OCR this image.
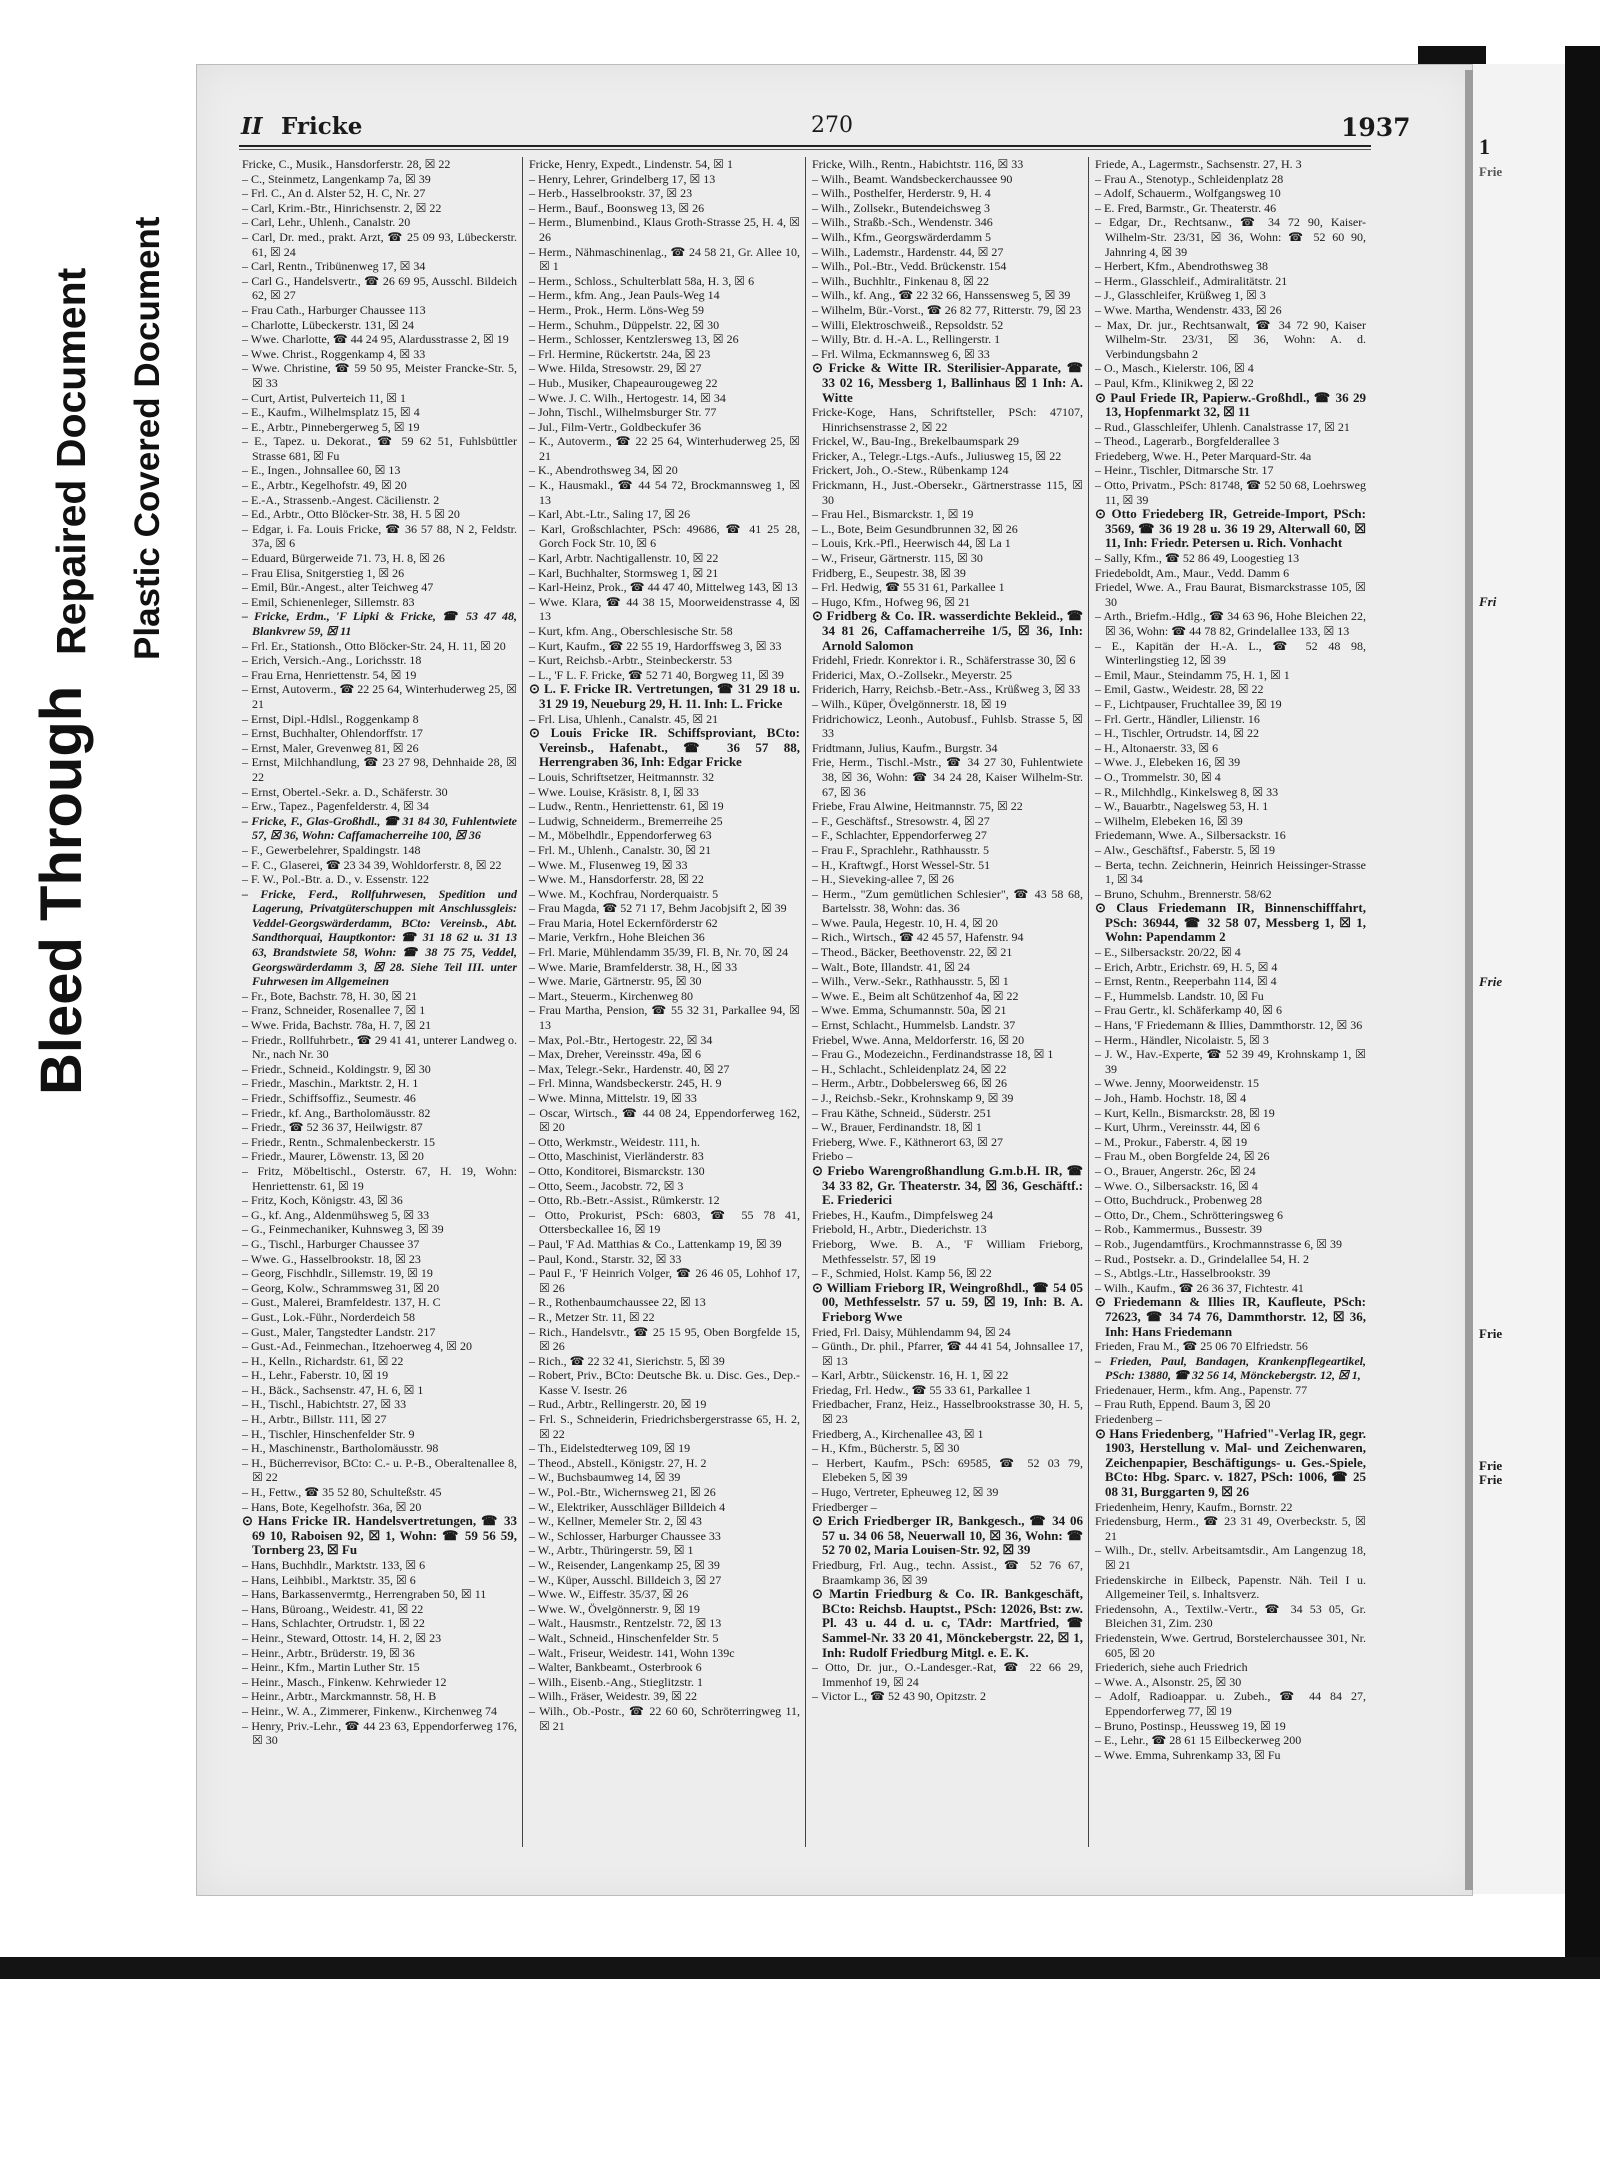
Repaired Document Plastic Covered Document
Bleed Through
II Fricke	270	1937

Fricke, C., Musik., Hansdorferstr. 28, ☒ 22

– C., Steinmetz, Langenkamp 7a, ☒ 39

– Frl. C., An d. Alster 52, H. C, Nr. 27

– Carl, Krim.-Btr., Hinrichsenstr. 2, ☒ 22

– Carl, Lehr., Uhlenh., Canalstr. 20

– Carl, Dr. med., prakt. Arzt, ☎ 25 09 93, Lübeckerstr. 61, ☒ 24

– Carl, Rentn., Tribünenweg 17, ☒ 34

– Carl G., Handelsvertr., ☎ 26 69 95, Ausschl. Bildeich 62, ☒ 27

– Frau Cath., Harburger Chaussee 113

– Charlotte, Lübeckerstr. 131, ☒ 24

– Wwe. Charlotte, ☎ 44 24 95, Alardusstrasse 2, ☒ 19

– Wwe. Christ., Roggenkamp 4, ☒ 33

– Wwe. Christine, ☎ 59 50 95, Meister Francke-Str. 5, ☒ 33

– Curt, Artist, Pulverteich 11, ☒ 1

– E., Kaufm., Wilhelmsplatz 15, ☒ 4

– E., Arbtr., Pinnebergerweg 5, ☒ 19

– E., Tapez. u. Dekorat., ☎ 59 62 51, Fuhlsbüttler Strasse 681, ☒ Fu

– E., Ingen., Johnsallee 60, ☒ 13

– E., Arbtr., Kegelhofstr. 49, ☒ 20

– E.-A., Strassenb.-Angest. Cäcilienstr. 2

– Ed., Arbtr., Otto Blöcker-Str. 38, H. 5 ☒ 20

– Edgar, i. Fa. Louis Fricke, ☎ 36 57 88, N 2, Feldstr. 37a, ☒ 6

– Eduard, Bürgerweide 71. 73, H. 8, ☒ 26

– Frau Elisa, Snitgerstieg 1, ☒ 26

– Emil, Bür.-Angest., alter Teichweg 47

– Emil, Schienenleger, Sillemstr. 83

– Fricke, Erdm., 'F Lipki & Fricke, ☎ 53 47 48, Blankvrew 59, ☒ 11

– Frl. Er., Stationsh., Otto Blöcker-Str. 24, H. 11, ☒ 20

– Erich, Versich.-Ang., Lorichsstr. 18

– Frau Erna, Henriettenstr. 54, ☒ 19

– Ernst, Autoverm., ☎ 22 25 64, Winterhuderweg 25, ☒ 21

– Ernst, Dipl.-Hdlsl., Roggenkamp 8

– Ernst, Buchhalter, Ohlendorffstr. 17

– Ernst, Maler, Grevenweg 81, ☒ 26

– Ernst, Milchhandlung, ☎ 23 27 98, Dehnhaide 28, ☒ 22

– Ernst, Obertel.-Sekr. a. D., Schäferstr. 30

– Erw., Tapez., Pagenfelderstr. 4, ☒ 34

– Fricke, F., Glas-Großhdl., ☎ 31 84 30, Fuhlentwiete 57, ☒ 36, Wohn: Caffamacherreihe 100, ☒ 36

– F., Gewerbelehrer, Spaldingstr. 148

– F. C., Glaserei, ☎ 23 34 39, Wohldorferstr. 8, ☒ 22

– F. W., Pol.-Btr. a. D., v. Essenstr. 122

– Fricke, Ferd., Rollfuhrwesen, Spedition und Lagerung, Privatgüterschuppen mit Anschlussgleis: Veddel-Georgswärderdamm, BCto: Vereinsb., Abt. Sandthorquai, Hauptkontor: ☎ 31 18 62 u. 31 13 63, Brandstwiete 58, Wohn: ☎ 38 75 75, Veddel, Georgswärderdamm 3, ☒ 28. Siehe Teil III. unter Fuhrwesen im Allgemeinen

– Fr., Bote, Bachstr. 78, H. 30, ☒ 21

– Franz, Schneider, Rosenallee 7, ☒ 1

– Wwe. Frida, Bachstr. 78a, H. 7, ☒ 21

– Friedr., Rollfuhrbetr., ☎ 29 41 41, unterer Landweg o. Nr., nach Nr. 30

– Friedr., Schneid., Koldingstr. 9, ☒ 30

– Friedr., Maschin., Marktstr. 2, H. 1

– Friedr., Schiffsoffiz., Seumestr. 46

– Friedr., kf. Ang., Bartholomäusstr. 82

– Friedr., ☎ 52 36 37, Heilwigstr. 87

– Friedr., Rentn., Schmalenbeckerstr. 15

– Friedr., Maurer, Löwenstr. 13, ☒ 20

– Fritz, Möbeltischl., Osterstr. 67, H. 19, Wohn: Henriettenstr. 61, ☒ 19

– Fritz, Koch, Königstr. 43, ☒ 36

– G., kf. Ang., Aldenmühsweg 5, ☒ 33

– G., Feinmechaniker, Kuhnsweg 3, ☒ 39

– G., Tischl., Harburger Chaussee 37

– Wwe. G., Hasselbrookstr. 18, ☒ 23

– Georg, Fischhdlr., Sillemstr. 19, ☒ 19

– Georg, Kolw., Schrammsweg 31, ☒ 20

– Gust., Malerei, Bramfeldestr. 137, H. C

– Gust., Lok.-Führ., Norderdeich 58

– Gust., Maler, Tangstedter Landstr. 217

– Gust.-Ad., Feinmechan., Itzehoerweg 4, ☒ 20

– H., Kelln., Richardstr. 61, ☒ 22

– H., Lehr., Faberstr. 10, ☒ 19

– H., Bäck., Sachsenstr. 47, H. 6, ☒ 1

– H., Tischl., Habichtstr. 27, ☒ 33

– H., Arbtr., Billstr. 111, ☒ 27

– H., Tischler, Hinschenfelder Str. 9

– H., Maschinenstr., Bartholomäusstr. 98

– H., Bücherrevisor, BCto: C.- u. P.-B., Oberaltenallee 8, ☒ 22

– H., Fettw., ☎ 35 52 80, Schulteßstr. 45

– Hans, Bote, Kegelhofstr. 36a, ☒ 20

⊙ Hans Fricke IR. Handelsvertretungen, ☎ 33 69 10, Raboisen 92, ☒ 1, Wohn: ☎ 59 56 59, Tornberg 23, ☒ Fu

– Hans, Buchhdlr., Marktstr. 133, ☒ 6

– Hans, Leihbibl., Marktstr. 35, ☒ 6

– Hans, Barkassenvermtg., Herrengraben 50, ☒ 11

– Hans, Büroang., Weidestr. 41, ☒ 22

– Hans, Schlachter, Ortrudstr. 1, ☒ 22

– Heinr., Steward, Ottostr. 14, H. 2, ☒ 23

– Heinr., Arbtr., Brüderstr. 19, ☒ 36

– Heinr., Kfm., Martin Luther Str. 15

– Heinr., Masch., Finkenw. Kehrwieder 12

– Heinr., Arbtr., Marckmannstr. 58, H. B

– Heinr., W. A., Zimmerer, Finkenw., Kirchenweg 74

– Henry, Priv.-Lehr., ☎ 44 23 63, Eppendorferweg 176, ☒ 30

Fricke, Henry, Expedt., Lindenstr. 54, ☒ 1

– Henry, Lehrer, Grindelberg 17, ☒ 13

– Herb., Hasselbrookstr. 37, ☒ 23

– Herm., Bauf., Boonsweg 13, ☒ 26

– Herm., Blumenbind., Klaus Groth-Strasse 25, H. 4, ☒ 26

– Herm., Nähmaschinenlag., ☎ 24 58 21, Gr. Allee 10, ☒ 1

– Herm., Schloss., Schulterblatt 58a, H. 3, ☒ 6

– Herm., kfm. Ang., Jean Pauls-Weg 14

– Herm., Prok., Herm. Löns-Weg 59

– Herm., Schuhm., Düppelstr. 22, ☒ 30

– Herm., Schlosser, Kentzlersweg 13, ☒ 26

– Frl. Hermine, Rückertstr. 24a, ☒ 23

– Wwe. Hilda, Stresowstr. 29, ☒ 27

– Hub., Musiker, Chapeaurougeweg 22

– Wwe. J. C. Wilh., Hertogestr. 14, ☒ 34

– John, Tischl., Wilhelmsburger Str. 77

– Jul., Film-Vertr., Goldbeckufer 36

– K., Autoverm., ☎ 22 25 64, Winterhuderweg 25, ☒ 21

– K., Abendrothsweg 34, ☒ 20

– K., Hausmakl., ☎ 44 54 72, Brockmannsweg 1, ☒ 13

– Karl, Abt.-Ltr., Saling 17, ☒ 26

– Karl, Großschlachter, PSch: 49686, ☎ 41 25 28, Gorch Fock Str. 10, ☒ 6

– Karl, Arbtr. Nachtigallenstr. 10, ☒ 22

– Karl, Buchhalter, Stormsweg 1, ☒ 21

– Karl-Heinz, Prok., ☎ 44 47 40, Mittelweg 143, ☒ 13

– Wwe. Klara, ☎ 44 38 15, Moorweidenstrasse 4, ☒ 13

– Kurt, kfm. Ang., Oberschlesische Str. 58

– Kurt, Kaufm., ☎ 22 55 19, Hardorffsweg 3, ☒ 33

– Kurt, Reichsb.-Arbtr., Steinbeckerstr. 53

– L., 'F L. F. Fricke, ☎ 52 71 40, Borgweg 11, ☒ 39

⊙ L. F. Fricke IR. Vertretungen, ☎ 31 29 18 u. 31 29 19, Neueburg 29, H. 11. Inh: L. Fricke

– Frl. Lisa, Uhlenh., Canalstr. 45, ☒ 21

⊙ Louis Fricke IR. Schiffsproviant, BCto: Vereinsb., Hafenabt., ☎ 36 57 88, Herrengraben 36, Inh: Edgar Fricke

– Louis, Schriftsetzer, Heitmannstr. 32

– Wwe. Louise, Kräsistr. 8, I, ☒ 33

– Ludw., Rentn., Henriettenstr. 61, ☒ 19

– Ludwig, Schneiderm., Bremerreihe 25

– M., Möbelhdlr., Eppendorferweg 63

– Frl. M., Uhlenh., Canalstr. 30, ☒ 21

– Wwe. M., Flusenweg 19, ☒ 33

– Wwe. M., Hansdorferstr. 28, ☒ 22

– Wwe. M., Kochfrau, Norderquaistr. 5

– Frau Magda, ☎ 52 71 17, Behm Jacobjsift 2, ☒ 39

– Frau Maria, Hotel Eckernförderstr 62

– Marie, Verkfrn., Hohe Bleichen 36

– Frl. Marie, Mühlendamm 35/39, Fl. B, Nr. 70, ☒ 24

– Wwe. Marie, Bramfelderstr. 38, H., ☒ 33

– Wwe. Marie, Gärtnerstr. 95, ☒ 30

– Mart., Steuerm., Kirchenweg 80

– Frau Martha, Pension, ☎ 55 32 31, Parkallee 94, ☒ 13

– Max, Pol.-Btr., Hertogestr. 22, ☒ 34

– Max, Dreher, Vereinsstr. 49a, ☒ 6

– Max, Telegr.-Sekr., Hardenstr. 40, ☒ 27

– Frl. Minna, Wandsbeckerstr. 245, H. 9

– Wwe. Minna, Mittelstr. 19, ☒ 33

– Oscar, Wirtsch., ☎ 44 08 24, Eppendorferweg 162, ☒ 20

– Otto, Werkmstr., Weidestr. 111, h.

– Otto, Maschinist, Vierländerstr. 83

– Otto, Konditorei, Bismarckstr. 130

– Otto, Seem., Jacobstr. 72, ☒ 3

– Otto, Rb.-Betr.-Assist., Rümkerstr. 12

– Otto, Prokurist, PSch: 6803, ☎ 55 78 41, Ottersbeckallee 16, ☒ 19

– Paul, 'F Ad. Matthias & Co., Lattenkamp 19, ☒ 39

– Paul, Kond., Starstr. 32, ☒ 33

– Paul F., 'F Heinrich Volger, ☎ 26 46 05, Lohhof 17, ☒ 26

– R., Rothenbaumchaussee 22, ☒ 13

– R., Metzer Str. 11, ☒ 22

– Rich., Handelsvtr., ☎ 25 15 95, Oben Borgfelde 15, ☒ 26

– Rich., ☎ 22 32 41, Sierichstr. 5, ☒ 39

– Robert, Priv., BCto: Deutsche Bk. u. Disc. Ges., Dep.-Kasse V. Isestr. 26

– Rud., Arbtr., Rellingerstr. 20, ☒ 19

– Frl. S., Schneiderin, Friedrichsbergerstrasse 65, H. 2, ☒ 22

– Th., Eidelstedterweg 109, ☒ 19

– Theod., Abstell., Königstr. 27, H. 2

– W., Buchsbaumweg 14, ☒ 39

– W., Pol.-Btr., Wichernsweg 21, ☒ 26

– W., Elektriker, Ausschläger Billdeich 4

– W., Kellner, Memeler Str. 2, ☒ 43

– W., Schlosser, Harburger Chaussee 33

– W., Arbtr., Thüringerstr. 59, ☒ 1

– W., Reisender, Langenkamp 25, ☒ 39

– W., Küper, Ausschl. Billdeich 3, ☒ 27

– Wwe. W., Eiffestr. 35/37, ☒ 26

– Wwe. W., Övelgönnerstr. 9, ☒ 19

– Walt., Hausmstr., Rentzelstr. 72, ☒ 13

– Walt., Schneid., Hinschenfelder Str. 5

– Walt., Friseur, Weidestr. 141, Wohn 139c

– Walter, Bankbeamt., Osterbrook 6

– Wilh., Eisenb.-Ang., Stieglitzstr. 1

– Wilh., Fräser, Weidestr. 39, ☒ 22

– Wilh., Ob.-Postr., ☎ 22 60 60, Schröterringweg 11, ☒ 21

Fricke, Wilh., Rentn., Habichtstr. 116, ☒ 33

– Wilh., Beamt. Wandsbeckerchaussee 90

– Wilh., Posthelfer, Herderstr. 9, H. 4

– Wilh., Zollsekr., Butendeichsweg 3

– Wilh., Straßb.-Sch., Wendenstr. 346

– Wilh., Kfm., Georgswärderdamm 5

– Wilh., Lademstr., Hardenstr. 44, ☒ 27

– Wilh., Pol.-Btr., Vedd. Brückenstr. 154

– Wilh., Buchhltr., Finkenau 8, ☒ 22

– Wilh., kf. Ang., ☎ 22 32 66, Hanssensweg 5, ☒ 39

– Wilhelm, Bür.-Vorst., ☎ 26 82 77, Ritterstr. 79, ☒ 23

– Willi, Elektroschweiß., Repsoldstr. 52

– Willy, Btr. d. H.-A. L., Rellingerstr. 1

– Frl. Wilma, Eckmannsweg 6, ☒ 33

⊙ Fricke & Witte IR. Sterilisier-Apparate, ☎ 33 02 16, Messberg 1, Ballinhaus ☒ 1 Inh: A. Witte

Fricke-Koge, Hans, Schriftsteller, PSch: 47107, Hinrichsenstrasse 2, ☒ 22

Frickel, W., Bau-Ing., Brekelbaumspark 29

Fricker, A., Telegr.-Ltgs.-Aufs., Juliusweg 15, ☒ 22

Frickert, Joh., O.-Stew., Rübenkamp 124

Frickmann, H., Just.-Obersekr., Gärtnerstrasse 115, ☒ 30

– Frau Hel., Bismarckstr. 1, ☒ 19

– L., Bote, Beim Gesundbrunnen 32, ☒ 26

– Louis, Krk.-Pfl., Heerwisch 44, ☒ La 1

– W., Friseur, Gärtnerstr. 115, ☒ 30

Fridberg, E., Seupestr. 38, ☒ 39

– Frl. Hedwig, ☎ 55 31 61, Parkallee 1

– Hugo, Kfm., Hofweg 96, ☒ 21

⊙ Fridberg & Co. IR. wasserdichte Bekleid., ☎ 34 81 26, Caffamacherreihe 1/5, ☒ 36, Inh: Arnold Salomon

Fridehl, Friedr. Konrektor i. R., Schäferstrasse 30, ☒ 6

Friderici, Max, O.-Zollsekr., Meyerstr. 25

Friderich, Harry, Reichsb.-Betr.-Ass., Krüßweg 3, ☒ 33

– Wilh., Küper, Övelgönnerstr. 18, ☒ 19

Fridrichowicz, Leonh., Autobusf., Fuhlsb. Strasse 5, ☒ 33

Fridtmann, Julius, Kaufm., Burgstr. 34

Frie, Herm., Tischl.-Mstr., ☎ 34 27 30, Fuhlentwiete 38, ☒ 36, Wohn: ☎ 34 24 28, Kaiser Wilhelm-Str. 67, ☒ 36

Friebe, Frau Alwine, Heitmannstr. 75, ☒ 22

– F., Geschäftsf., Stresowstr. 4, ☒ 27

– F., Schlachter, Eppendorferweg 27

– Frau F., Sprachlehr., Rathhausstr. 5

– H., Kraftwgf., Horst Wessel-Str. 51

– H., Sieveking-allee 7, ☒ 26

– Herm., "Zum gemütlichen Schlesier", ☎ 43 58 68, Bartelsstr. 38, Wohn: das. 36

– Wwe. Paula, Hegestr. 10, H. 4, ☒ 20

– Rich., Wirtsch., ☎ 42 45 57, Hafenstr. 94

– Theod., Bäcker, Beethovenstr. 22, ☒ 21

– Walt., Bote, Illandstr. 41, ☒ 24

– Wilh., Verw.-Sekr., Rathhausstr. 5, ☒ 1

– Wwe. E., Beim alt Schützenhof 4a, ☒ 22

– Wwe. Emma, Schumannstr. 50a, ☒ 21

– Ernst, Schlacht., Hummelsb. Landstr. 37

Friebel, Wwe. Anna, Meldorferstr. 16, ☒ 20

– Frau G., Modezeichn., Ferdinandstrasse 18, ☒ 1

– H., Schlacht., Schleidenplatz 24, ☒ 22

– Herm., Arbtr., Dobbelersweg 66, ☒ 26

– J., Reichsb.-Sekr., Krohnskamp 9, ☒ 39

– Frau Käthe, Schneid., Süderstr. 251

– W., Brauer, Ferdinandstr. 18, ☒ 1

Frieberg, Wwe. F., Käthnerort 63, ☒ 27

Friebo –

⊙ Friebo Warengroßhandlung G.m.b.H. IR, ☎ 34 33 82, Gr. Theaterstr. 34, ☒ 36, Geschäftf.: E. Friederici

Friebes, H., Kaufm., Dimpfelsweg 24

Friebold, H., Arbtr., Diederichstr. 13

Frieborg, Wwe. B. A., 'F William Frieborg, Methfesselstr. 57, ☒ 19

– F., Schmied, Holst. Kamp 56, ☒ 22

⊙ William Frieborg IR, Weingroßhdl., ☎ 54 05 00, Methfesselstr. 57 u. 59, ☒ 19, Inh: B. A. Frieborg Wwe

Fried, Frl. Daisy, Mühlendamm 94, ☒ 24

– Günth., Dr. phil., Pfarrer, ☎ 44 41 54, Johnsallee 17, ☒ 13

– Karl, Arbtr., Süickenstr. 16, H. 1, ☒ 22

Friedag, Frl. Hedw., ☎ 55 33 61, Parkallee 1

Friedbacher, Franz, Heiz., Hasselbrookstrasse 30, H. 5, ☒ 23

Friedberg, A., Kirchenallee 43, ☒ 1

– H., Kfm., Bücherstr. 5, ☒ 30

– Herbert, Kaufm., PSch: 69585, ☎ 52 03 79, Elebeken 5, ☒ 39

– Hugo, Vertreter, Epheuweg 12, ☒ 39

Friedberger –

⊙ Erich Friedberger IR, Bankgesch., ☎ 34 06 57 u. 34 06 58, Neuerwall 10, ☒ 36, Wohn: ☎ 52 70 02, Maria Louisen-Str. 92, ☒ 39

Friedburg, Frl. Aug., techn. Assist., ☎ 52 76 67, Braamkamp 36, ☒ 39

⊙ Martin Friedburg & Co. IR. Bankgeschäft, BCto: Reichsb. Hauptst., PSch: 12026, Bst: zw. Pl. 43 u. 44 d. u. c, TAdr: Martfried, ☎ Sammel-Nr. 33 20 41, Mönckebergstr. 22, ☒ 1, Inh: Rudolf Friedburg Mitgl. e. E. K.

– Otto, Dr. jur., O.-Landesger.-Rat, ☎ 22 66 29, Immenhof 19, ☒ 24

– Victor L., ☎ 52 43 90, Opitzstr. 2

Friede, A., Lagermstr., Sachsenstr. 27, H. 3

– Frau A., Stenotyp., Schleidenplatz 28

– Adolf, Schauerm., Wolfgangsweg 10

– E. Fred, Barmstr., Gr. Theaterstr. 46

– Edgar, Dr., Rechtsanw., ☎ 34 72 90, Kaiser-Wilhelm-Str. 23/31, ☒ 36, Wohn: ☎ 52 60 90, Jahnring 4, ☒ 39

– Herbert, Kfm., Abendrothsweg 38

– Herm., Glasschleif., Admiralitätstr. 21

– J., Glasschleifer, Krüßweg 1, ☒ 3

– Wwe. Martha, Wendenstr. 433, ☒ 26

– Max, Dr. jur., Rechtsanwalt, ☎ 34 72 90, Kaiser Wilhelm-Str. 23/31, ☒ 36, Wohn: A. d. Verbindungsbahn 2

– O., Masch., Kielerstr. 106, ☒ 4

– Paul, Kfm., Klinikweg 2, ☒ 22

⊙ Paul Friede IR, Papierw.-Großhdl., ☎ 36 29 13, Hopfenmarkt 32, ☒ 11

– Rud., Glasschleifer, Uhlenh. Canalstrasse 17, ☒ 21

– Theod., Lagerarb., Borgfelderallee 3

Friedeberg, Wwe. H., Peter Marquard-Str. 4a

– Heinr., Tischler, Ditmarsche Str. 17

– Otto, Privatm., PSch: 81748, ☎ 52 50 68, Loehrsweg 11, ☒ 39

⊙ Otto Friedeberg IR, Getreide-Import, PSch: 3569, ☎ 36 19 28 u. 36 19 29, Alterwall 60, ☒ 11, Inh: Friedr. Petersen u. Rich. Vonhacht

– Sally, Kfm., ☎ 52 86 49, Loogestieg 13

Friedeboldt, Am., Maur., Vedd. Damm 6

Friedel, Wwe. A., Frau Baurat, Bismarckstrasse 105, ☒ 30

– Arth., Briefm.-Hdlg., ☎ 34 63 96, Hohe Bleichen 22, ☒ 36, Wohn: ☎ 44 78 82, Grindelallee 133, ☒ 13

– E., Kapitän der H.-A. L., ☎ 52 48 98, Winterlingstieg 12, ☒ 39

– Emil, Maur., Steindamm 75, H. 1, ☒ 1

– Emil, Gastw., Weidestr. 28, ☒ 22

– F., Lichtpauser, Fruchtallee 39, ☒ 19

– Frl. Gertr., Händler, Lilienstr. 16

– H., Tischler, Ortrudstr. 14, ☒ 22

– H., Altonaerstr. 33, ☒ 6

– Wwe. J., Elebeken 16, ☒ 39

– O., Trommelstr. 30, ☒ 4

– R., Milchhdlg., Kinkelsweg 8, ☒ 33

– W., Bauarbtr., Nagelsweg 53, H. 1

– Wilhelm, Elebeken 16, ☒ 39

Friedemann, Wwe. A., Silbersackstr. 16

– Alw., Geschäftsf., Faberstr. 5, ☒ 19

– Berta, techn. Zeichnerin, Heinrich Heissinger-Strasse 1, ☒ 34

– Bruno, Schuhm., Brennerstr. 58/62

⊙ Claus Friedemann IR, Binnenschifffahrt, PSch: 36944, ☎ 32 58 07, Messberg 1, ☒ 1, Wohn: Papendamm 2

– E., Silbersackstr. 20/22, ☒ 4

– Erich, Arbtr., Erichstr. 69, H. 5, ☒ 4

– Ernst, Rentn., Reeperbahn 114, ☒ 4

– F., Hummelsb. Landstr. 10, ☒ Fu

– Frau Gertr., kl. Schäferkamp 40, ☒ 6

– Hans, 'F Friedemann & Illies, Dammthorstr. 12, ☒ 36

– Herm., Händler, Nicolaistr. 5, ☒ 3

– J. W., Hav.-Experte, ☎ 52 39 49, Krohnskamp 1, ☒ 39

– Wwe. Jenny, Moorweidenstr. 15

– Joh., Hamb. Hochstr. 18, ☒ 4

– Kurt, Kelln., Bismarckstr. 28, ☒ 19

– Kurt, Uhrm., Vereinsstr. 44, ☒ 6

– M., Prokur., Faberstr. 4, ☒ 19

– Frau M., oben Borgfelde 24, ☒ 26

– O., Brauer, Angerstr. 26c, ☒ 24

– Wwe. O., Silbersackstr. 16, ☒ 4

– Otto, Buchdruck., Probenweg 28

– Otto, Dr., Chem., Schrötteringsweg 6

– Rob., Kammermus., Bussestr. 39

– Rob., Jugendamtfürs., Krochmannstrasse 6, ☒ 39

– Rud., Postsekr. a. D., Grindelallee 54, H. 2

– S., Abtlgs.-Ltr., Hasselbrookstr. 39

– Wilh., Kaufm., ☎ 26 36 37, Fichtestr. 41

⊙ Friedemann & Illies IR, Kaufleute, PSch: 72623, ☎ 34 74 76, Dammthorstr. 12, ☒ 36, Inh: Hans Friedemann

Frieden, Frau M., ☎ 25 06 70 Elfriedstr. 56

– Frieden, Paul, Bandagen, Krankenpflegeartikel, PSch: 13880, ☎ 32 56 14, Mönckebergstr. 12, ☒ 1,

Friedenauer, Herm., kfm. Ang., Papenstr. 77

– Frau Ruth, Eppend. Baum 3, ☒ 20

Friedenberg –

⊙ Hans Friedenberg, "Hafried"-Verlag IR, gegr. 1903, Herstellung v. Mal- und Zeichenwaren, Zeichenpapier, Beschäftigungs- u. Ges.-Spiele, BCto: Hbg. Sparc. v. 1827, PSch: 1006, ☎ 25 08 31, Burggarten 9, ☒ 26

Friedenheim, Henry, Kaufm., Bornstr. 22

Friedensburg, Herm., ☎ 23 31 49, Overbeckstr. 5, ☒ 21

– Wilh., Dr., stellv. Arbeitsamtsdir., Am Langenzug 18, ☒ 21

Friedenskirche in Eilbeck, Papenstr. Näh. Teil I u. Allgemeiner Teil, s. Inhaltsverz.

Friedensohn, A., Textilw.-Vertr., ☎ 34 53 05, Gr. Bleichen 31, Zim. 230

Friedenstein, Wwe. Gertrud, Borstelerchaussee 301, Nr. 605, ☒ 20

Friederich, siehe auch Friedrich

– Wwe. A., Alsonstr. 25, ☒ 30

– Adolf, Radioappar. u. Zubeh., ☎ 44 84 27, Eppendorferweg 77, ☒ 19

– Bruno, Postinsp., Heussweg 19, ☒ 19

– E., Lehr., ☎ 28 61 15 Eilbeckerweg 200

– Wwe. Emma, Suhrenkamp 33, ☒ Fu

1
Frie
Fri
Frie
Frie
Frie
Frie
